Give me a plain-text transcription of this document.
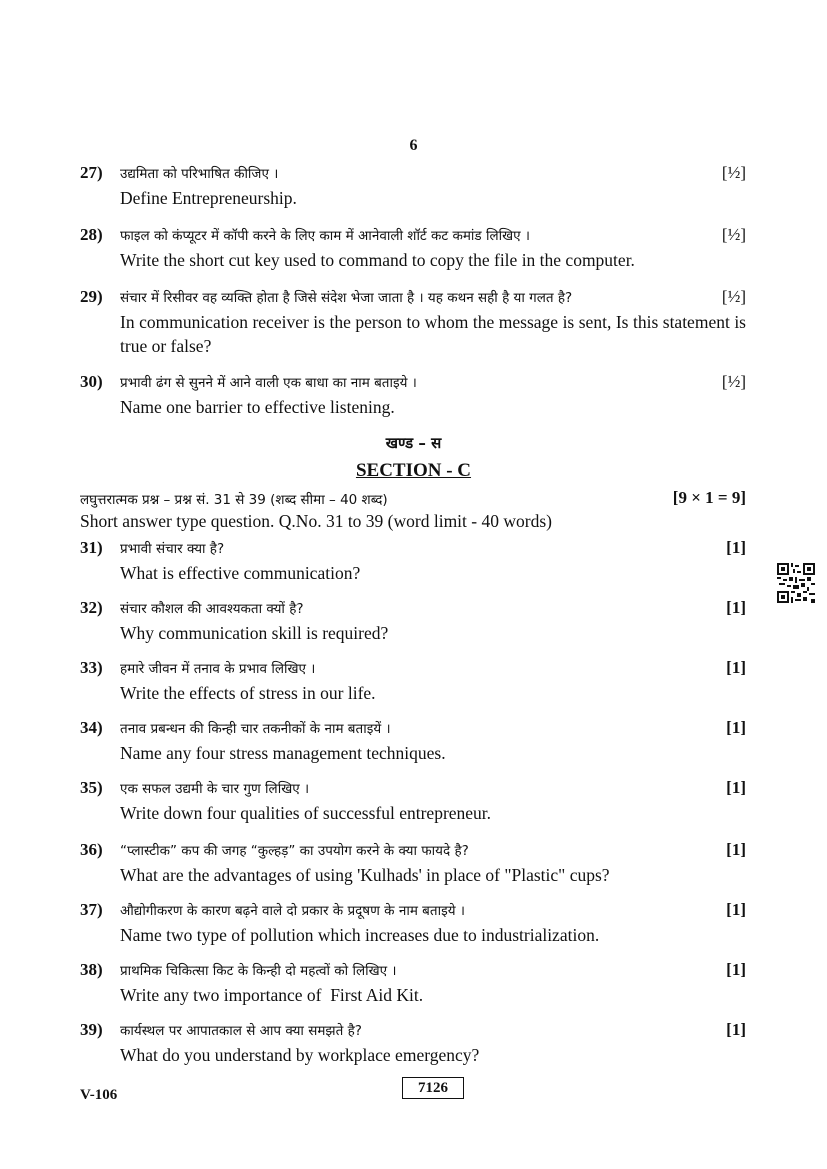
6
27) उद्यमिता को परिभाषित कीजिए ।	[½]
Define Entrepreneurship.
28) फाइल को कंप्यूटर में कॉपी करने के लिए काम में आनेवाली शॉर्ट कट कमांड लिखिए ।	[½]
Write the short cut key used to command to copy the file in the computer.
29) संचार में रिसीवर वह व्यक्ति होता है जिसे संदेश भेजा जाता है । यह कथन सही है या गलत है?	[½]
In communication receiver is the person to whom the message is sent, Is this statement is true or false?
30) प्रभावी ढंग से सुनने में आने वाली एक बाधा का नाम बताइये ।	[½]
Name one barrier to effective listening.
खण्ड – स
SECTION - C
लघुत्तरात्मक प्रश्न – प्रश्न सं. 31 से 39 (शब्द सीमा – 40 शब्द)	[9 × 1 = 9]
Short answer type question. Q.No. 31 to 39 (word limit - 40 words)
31) प्रभावी संचार क्या है?	[1]
What is effective communication?
32) संचार कौशल की आवश्यकता क्यों है?	[1]
Why communication skill is required?
33) हमारे जीवन में तनाव के प्रभाव लिखिए ।	[1]
Write the effects of stress in our life.
34) तनाव प्रबन्धन की किन्ही चार तकनीकों के नाम बताइयें ।	[1]
Name any four stress management techniques.
35) एक सफल उद्यमी के चार गुण लिखिए ।	[1]
Write down four qualities of successful entrepreneur.
36) “प्लास्टीक” कप की जगह “कुल्हड़” का उपयोग करने के क्या फायदे है?	[1]
What are the advantages of using 'Kulhads' in place of "Plastic" cups?
37) औद्योगीकरण के कारण बढ़ने वाले दो प्रकार के प्रदूषण के नाम बताइये ।	[1]
Name two type of pollution which increases due to industrialization.
38) प्राथमिक चिकित्सा किट के किन्ही दो महत्वों को लिखिए ।	[1]
Write any two importance of  First Aid Kit.
39) कार्यस्थल पर आपातकाल से आप क्या समझते है?	[1]
What do you understand by workplace emergency?
V-106	7126
